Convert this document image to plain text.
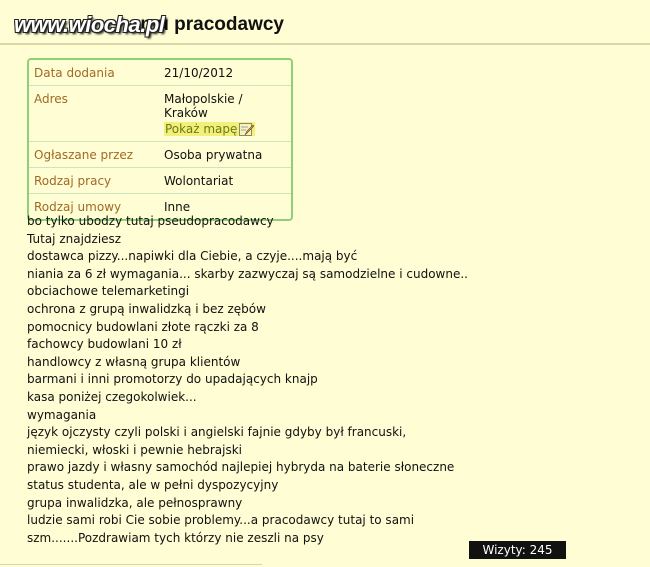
www.wiocha.pl
mu pracodawcy
Data dodania	21/10/2012
Adres	Małopolskie / Kraków
Pokaż mapę
Ogłaszane przez	Osoba prywatna
Rodzaj pracy	Wolontariat
Rodzaj umowy	Inne
bo tylko ubodzy tutaj pseudopracodawcy
Tutaj znajdziesz
dostawca pizzy...napiwki dla Ciebie, a czyje....mają być
niania za 6 zł wymagania... skarby zazwyczaj są samodzielne i cudowne..
obciachowe telemarketingi
ochrona z grupą inwalidzką i bez zębów
pomocnicy budowlani złote rączki za 8
fachowcy budowlani 10 zł
handlowcy z własną grupa klientów
barmani i inni promotorzy do upadających knajp
kasa poniżej czegokolwiek...
wymagania
język ojczysty czyli polski i angielski fajnie gdyby był francuski,
niemiecki, włoski i pewnie hebrajski
prawo jazdy i własny samochód najlepiej hybryda na baterie słoneczne
status studenta, ale w pełni dyspozycyjny
grupa inwalidzka, ale pełnosprawny
ludzie sami robi Cie sobie problemy...a pracodawcy tutaj to sami
szm.......Pozdrawiam tych którzy nie zeszli na psy
Wizyty: 245
